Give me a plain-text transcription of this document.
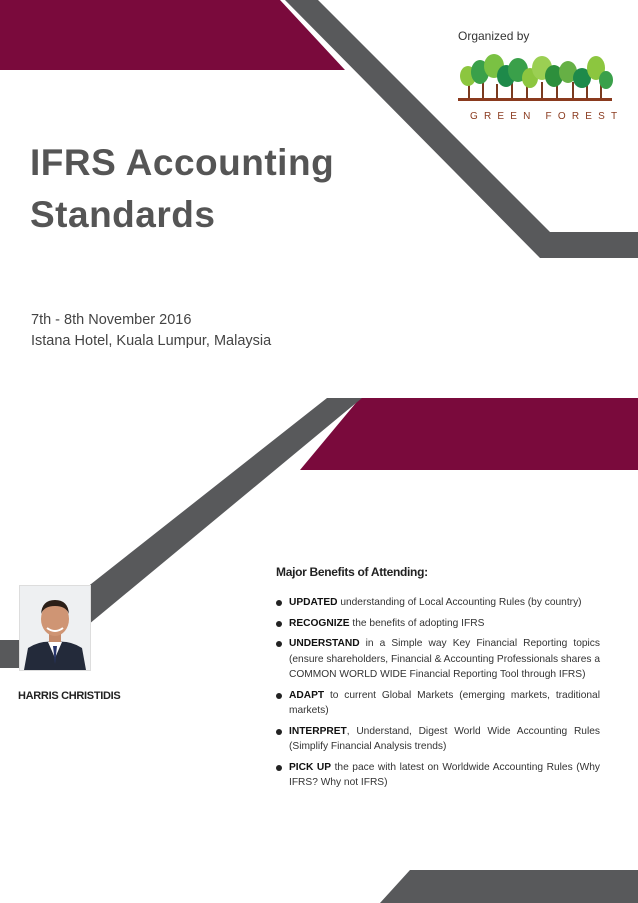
Organized by
GREEN FOREST
IFRS Accounting
Standards
7th - 8th November 2016
Istana Hotel, Kuala Lumpur, Malaysia
HARRIS CHRISTIDIS

Major Benefits of Attending:

UPDATED understanding of Local Accounting Rules (by country)
RECOGNIZE the benefits of adopting IFRS
UNDERSTAND in a Simple way Key Financial Reporting topics (ensure shareholders, Financial & Accounting Professionals shares a COMMON WORLD WIDE Financial Reporting Tool through IFRS)
ADAPT to current Global Markets (emerging markets, traditional markets)
INTERPRET, Understand, Digest World Wide Accounting Rules (Simplify Financial Analysis trends)
PICK UP the pace with latest on Worldwide Accounting Rules (Why IFRS? Why not IFRS)
